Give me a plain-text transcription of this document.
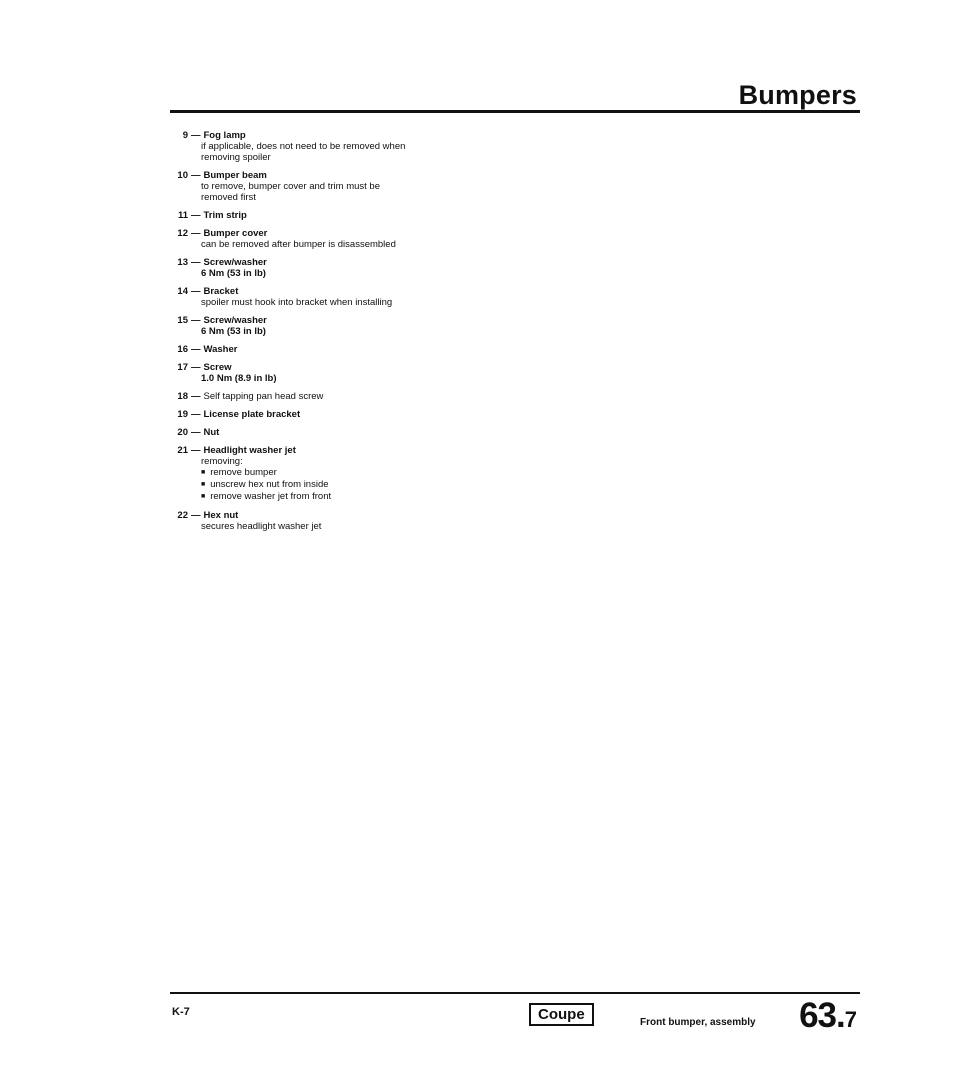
Bumpers
9 — Fog lamp
if applicable, does not need to be removed when
removing spoiler
10 — Bumper beam
to remove, bumper cover and trim must be
removed first
11 — Trim strip
12 — Bumper cover
can be removed after bumper is disassembled
13 — Screw/washer
6 Nm (53 in lb)
14 — Bracket
spoiler must hook into bracket when installing
15 — Screw/washer
6 Nm (53 in lb)
16 — Washer
17 — Screw
1.0 Nm (8.9 in lb)
18 — Self tapping pan head screw
19 — License plate bracket
20 — Nut
21 — Headlight washer jet
removing:
■ remove bumper
■ unscrew hex nut from inside
■ remove washer jet from front
22 — Hex nut
secures headlight washer jet
K-7	Coupe	Front bumper, assembly 63.7
